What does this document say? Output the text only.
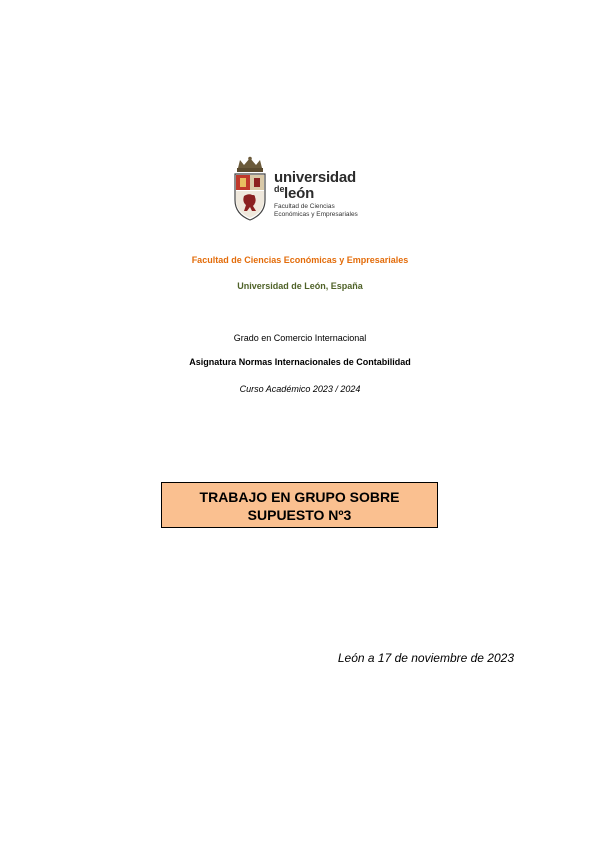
universidad
de león
Facultad de Ciencias
Económicas y Empresariales
Facultad de Ciencias Económicas y Empresariales
Universidad de León, España
Grado en Comercio Internacional
Asignatura Normas Internacionales de Contabilidad
Curso Académico 2023 / 2024
TRABAJO EN GRUPO SOBRE
SUPUESTO Nº3
León a 17 de noviembre de 2023
